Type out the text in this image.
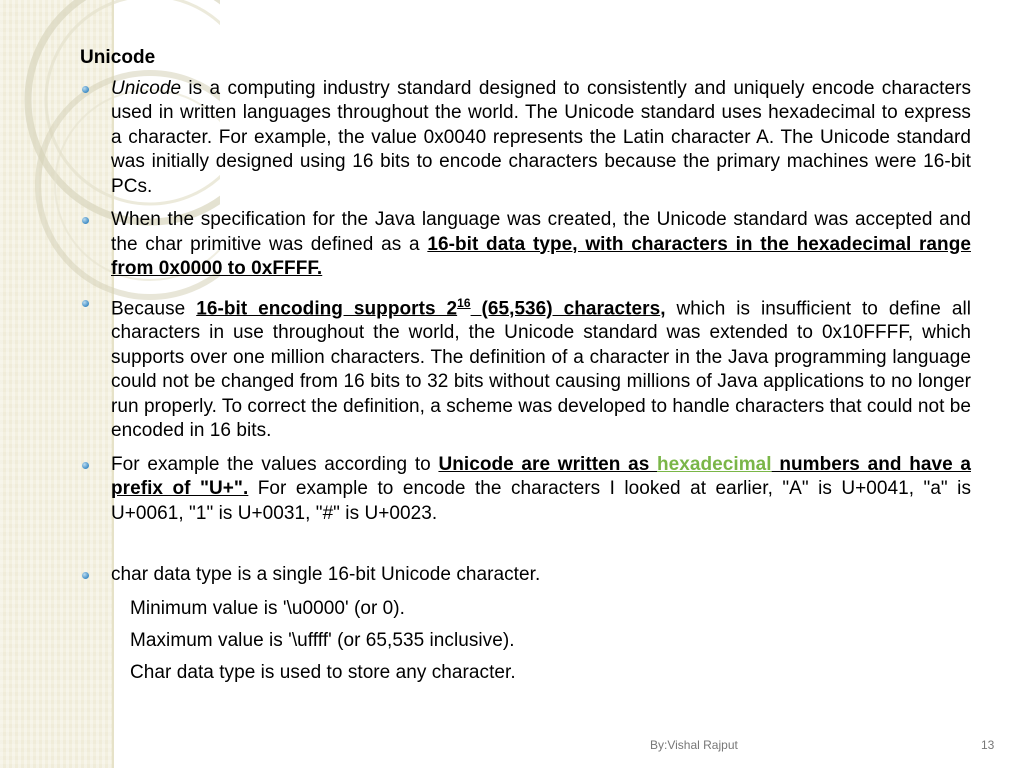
Unicode
Unicode is a computing industry standard designed to consistently and uniquely encode characters used in written languages throughout the world. The Unicode standard uses hexadecimal to express a character. For example, the value 0x0040 represents the Latin character A. The Unicode standard was initially designed using 16 bits to encode characters because the primary machines were 16-bit PCs.
When the specification for the Java language was created, the Unicode standard was accepted and the char primitive was defined as a 16-bit data type, with characters in the hexadecimal range from 0x0000 to 0xFFFF.
Because 16-bit encoding supports $2^{16}$ (65,536) characters, which is insufficient to define all characters in use throughout the world, the Unicode standard was extended to 0x10FFFF, which supports over one million characters. The definition of a character in the Java programming language could not be changed from 16 bits to 32 bits without causing millions of Java applications to no longer run properly. To correct the definition, a scheme was developed to handle characters that could not be encoded in 16 bits.
For example the values according to Unicode are written as hexadecimal numbers and have a prefix of "U+". For example to encode the characters I looked at earlier, "A" is U+0041, "a" is U+0061, "1" is U+0031, "#" is U+0023.
char data type is a single 16-bit Unicode character.
Minimum value is '\u0000' (or 0).
Maximum value is '\uffff' (or 65,535 inclusive).
Char data type is used to store any character.
By:Vishal Rajput	13
